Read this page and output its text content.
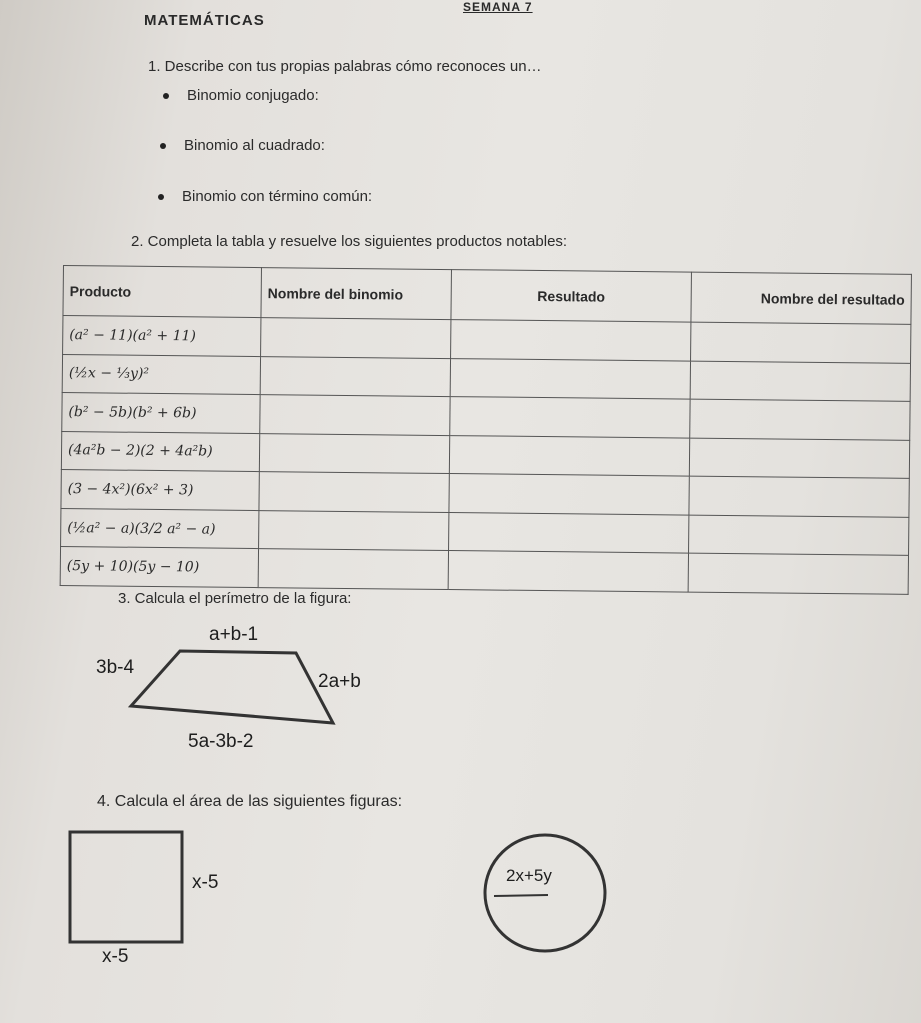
SEMANA 7
MATEMÁTICAS
1. Describe con tus propias palabras cómo reconoces un…
Binomio conjugado:
Binomio al cuadrado:
Binomio con término común:
2. Completa la tabla y resuelve los siguientes productos notables:
Producto	Nombre del binomio	Resultado	Nombre del resultado
(a² − 11)(a² + 11)			
(½x − ⅓y)²			
(b² − 5b)(b² + 6b)			
(4a²b − 2)(2 + 4a²b)			
(3 − 4x²)(6x² + 3)			
(½a² − a)(3/2 a² − a)			
(5y + 10)(5y − 10)			
3. Calcula el perímetro de la figura:
a+b-1
3b-4
2a+b
5a-3b-2
4. Calcula el área de las siguientes figuras:
x-5
x-5
2x+5y
